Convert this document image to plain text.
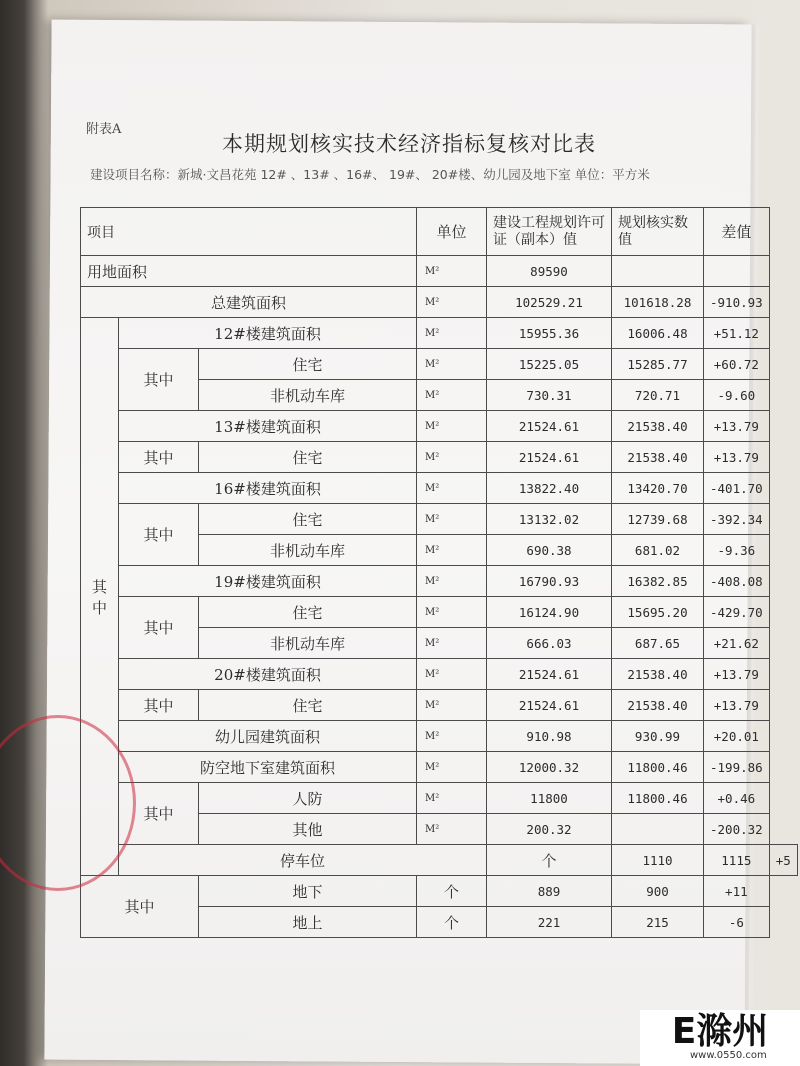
附表A
本期规划核实技术经济指标复核对比表
建设项目名称：新城·文昌花苑 12# 、13# 、16#、 19#、 20#楼、幼儿园及地下室 单位：平方米
项目			单位	建设工程规划许可证（副本）值	规划核实数值	差值	
用地面积			M²	89590			
总建筑面积			M²	102529.21	101618.28	-910.93	
其中	12#楼建筑面积		M²	15955.36	16006.48	+51.12	
	其中	住宅	M²	15225.05	15285.77	+60.72	
		非机动车库	M²	730.31	720.71	-9.60	
	13#楼建筑面积		M²	21524.61	21538.40	+13.79	
	其中	住宅	M²	21524.61	21538.40	+13.79	
	16#楼建筑面积		M²	13822.40	13420.70	-401.70	
	其中	住宅	M²	13132.02	12739.68	-392.34	
		非机动车库	M²	690.38	681.02	-9.36	
	19#楼建筑面积		M²	16790.93	16382.85	-408.08	
	其中	住宅	M²	16124.90	15695.20	-429.70	
		非机动车库	M²	666.03	687.65	+21.62	
	20#楼建筑面积		M²	21524.61	21538.40	+13.79	
	其中	住宅	M²	21524.61	21538.40	+13.79	
	幼儿园建筑面积		M²	910.98	930.99	+20.01	
	防空地下室建筑面积		M²	12000.32	11800.46	-199.86	
	其中	人防	M²	11800	11800.46	+0.46	
		其他	M²	200.32		-200.32	
	停车位			个	1110	1115	+5
其中		地下	个	889	900	+11	
		地上	个	221	215	-6	
E滁州
www.0550.com
